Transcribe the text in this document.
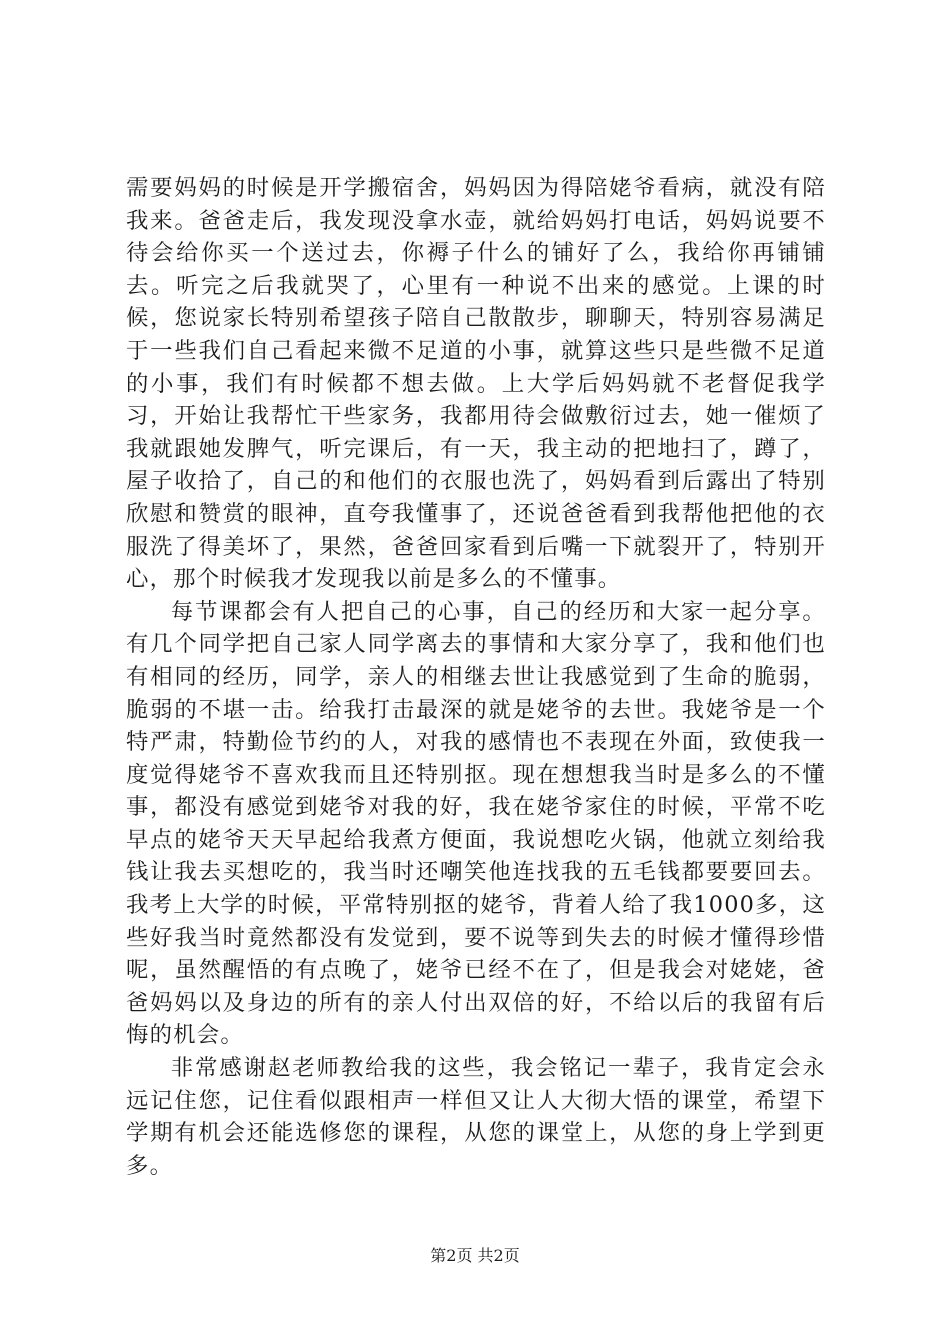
需要妈妈的时候是开学搬宿舍，妈妈因为得陪姥爷看病，就没有陪我来。爸爸走后，我发现没拿水壶，就给妈妈打电话，妈妈说要不待会给你买一个送过去，你褥子什么的铺好了么，我给你再铺铺去。听完之后我就哭了，心里有一种说不出来的感觉。上课的时候，您说家长特别希望孩子陪自己散散步，聊聊天，特别容易满足于一些我们自己看起来微不足道的小事，就算这些只是些微不足道的小事，我们有时候都不想去做。上大学后妈妈就不老督促我学习，开始让我帮忙干些家务，我都用待会做敷衍过去，她一催烦了我就跟她发脾气，听完课后，有一天，我主动的把地扫了，蹲了，屋子收拾了，自己的和他们的衣服也洗了，妈妈看到后露出了特别欣慰和赞赏的眼神，直夸我懂事了，还说爸爸看到我帮他把他的衣服洗了得美坏了，果然，爸爸回家看到后嘴一下就裂开了，特别开心，那个时候我才发现我以前是多么的不懂事。

每节课都会有人把自己的心事，自己的经历和大家一起分享。有几个同学把自己家人同学离去的事情和大家分享了，我和他们也有相同的经历，同学，亲人的相继去世让我感觉到了生命的脆弱，脆弱的不堪一击。给我打击最深的就是姥爷的去世。我姥爷是一个特严肃，特勤俭节约的人，对我的感情也不表现在外面，致使我一度觉得姥爷不喜欢我而且还特别抠。现在想想我当时是多么的不懂事，都没有感觉到姥爷对我的好，我在姥爷家住的时候，平常不吃早点的姥爷天天早起给我煮方便面，我说想吃火锅，他就立刻给我钱让我去买想吃的，我当时还嘲笑他连找我的五毛钱都要要回去。我考上大学的时候，平常特别抠的姥爷，背着人给了我1000多，这些好我当时竟然都没有发觉到，要不说等到失去的时候才懂得珍惜呢，虽然醒悟的有点晚了，姥爷已经不在了，但是我会对姥姥，爸爸妈妈以及身边的所有的亲人付出双倍的好，不给以后的我留有后悔的机会。

非常感谢赵老师教给我的这些，我会铭记一辈子，我肯定会永远记住您，记住看似跟相声一样但又让人大彻大悟的课堂，希望下学期有机会还能选修您的课程，从您的课堂上，从您的身上学到更多。

第2页 共2页
